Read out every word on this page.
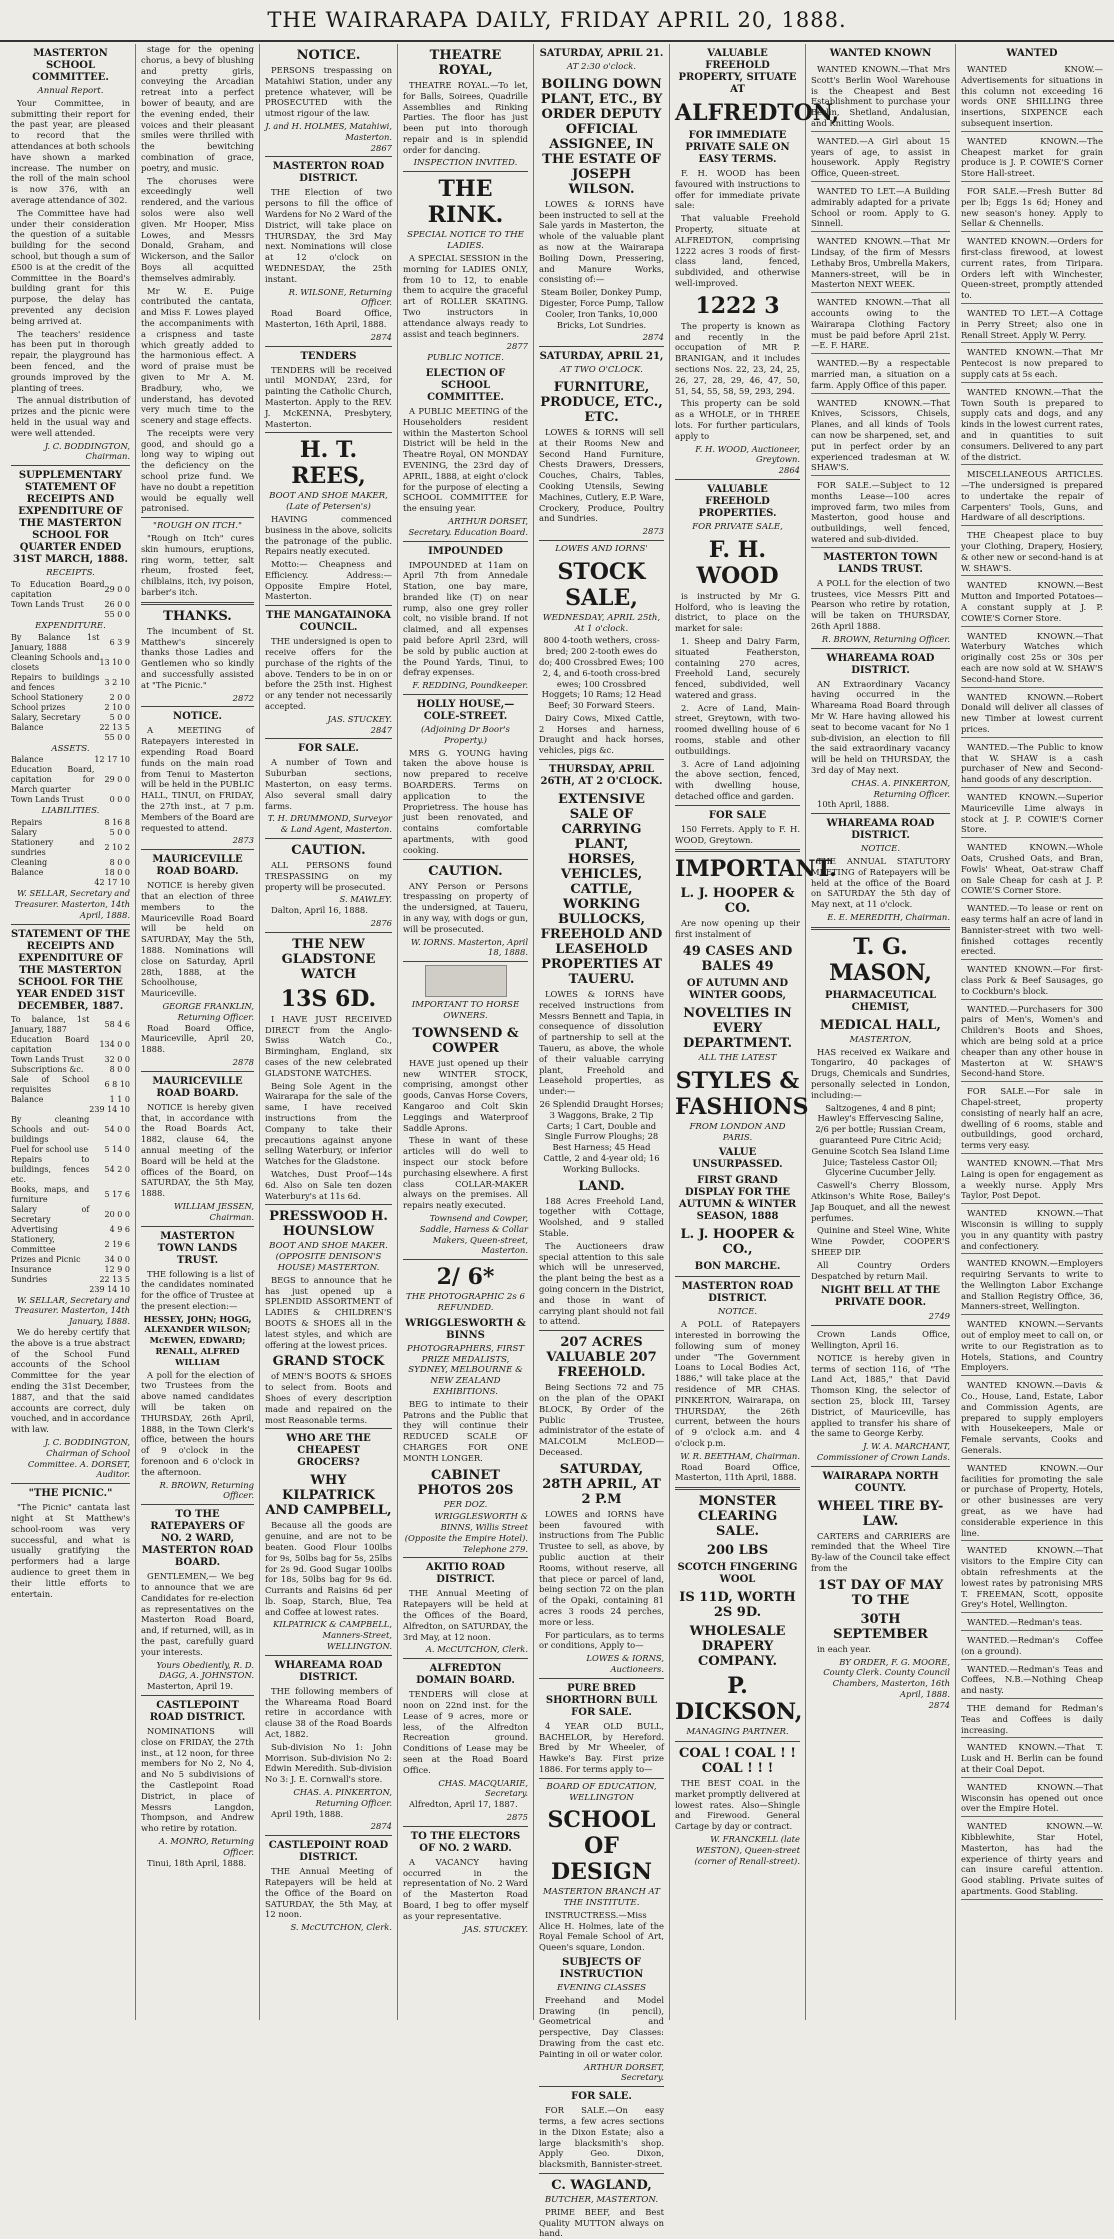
THE WAIRARAPA DAILY, FRIDAY APRIL 20, 1888.
MASTERTON SCHOOL COMMITTEE.
Annual Report.

Your Committee, in submitting their report for the past year, are pleased to record that the attendances at both schools have shown a marked increase. The number on the roll of the main school is now 376, with an average attendance of 302.

The Committee have had under their consideration the question of a suitable building for the second school, but though a sum of £500 is at the credit of the Committee in the Board's building grant for this purpose, the delay has prevented any decision being arrived at.

The teachers' residence has been put in thorough repair, the playground has been fenced, and the grounds improved by the planting of trees.

The annual distribution of prizes and the picnic were held in the usual way and were well attended.

J. C. BODDINGTON, Chairman.
SUPPLEMENTARY STATEMENT OF RECEIPTS AND EXPENDITURE OF THE MASTERTON SCHOOL FOR QUARTER ENDED 31ST MARCH, 1888.
RECEIPTS.
To Education Board capitation	29 0 0
Town Lands Trust	26 0 0
	55 0 0
EXPENDITURE.
By Balance 1st January, 1888	6 3 9
Cleaning Schools and closets	13 10 0
Repairs to buildings and fences	3 2 10
School Stationery	2 0 0
School prizes	2 10 0
Salary, Secretary	5 0 0
Balance	22 13 5
	55 0 0
ASSETS.
Balance	12 17 10
Education Board, capitation for March quarter	29 0 0
Town Lands Trust	0 0 0
LIABILITIES.
Repairs	8 16 8
Salary	5 0 0
Stationery and sundries	2 10 2
Cleaning	8 0 0
Balance	18 0 0
	42 17 10
W. SELLAR, Secretary and Treasurer. Masterton, 14th April, 1888.
STATEMENT OF THE RECEIPTS AND EXPENDITURE OF THE MASTERTON SCHOOL FOR THE YEAR ENDED 31ST DECEMBER, 1887.
To balance, 1st January, 1887	58 4 6
Education Board capitation	134 0 0
Town Lands Trust	32 0 0
Subscriptions &c.	8 0 0
Sale of School requisites	6 8 10
Balance	1 1 0
	239 14 10
By cleaning Schools and out-buildings	54 0 0
Fuel for school use	5 14 0
Repairs to buildings, fences etc.	54 2 0
Books, maps, and furniture	5 17 6
Salary of Secretary	20 0 0
Advertising	4 9 6
Stationery, Committee	2 19 6
Prizes and Picnic	34 0 0
Insurance	12 9 0
Sundries	22 13 5
	239 14 10
W. SELLAR, Secretary and Treasurer. Masterton, 14th January, 1888.

We do hereby certify that the above is a true abstract of the School Fund accounts of the School Committee for the year ending the 31st December, 1887, and that the said accounts are correct, duly vouched, and in accordance with law.

J. C. BODDINGTON, Chairman of School Committee. A. DORSET, Auditor.
"THE PICNIC."

"The Picnic" cantata last night at St Matthew's school-room was very successful, and what is usually gratifying the performers had a large audience to greet them in their little efforts to entertain.

stage for the opening chorus, a bevy of blushing and pretty girls, conveying the Arcadian retreat into a perfect bower of beauty, and are the evening ended, their voices and their pleasant smiles were thrilled with the bewitching combination of grace, poetry, and music.

The choruses were exceedingly well rendered, and the various solos were also well given. Mr Hooper, Miss Lowes, and Messrs Donald, Graham, and Wickerson, and the Sailor Boys all acquitted themselves admirably.

Mr W. E. Puige contributed the cantata, and Miss F. Lowes played the accompaniments with a crispness and taste which greatly added to the harmonious effect. A word of praise must be given to Mr A. M. Bradbury, who, we understand, has devoted very much time to the scenery and stage effects.

The receipts were very good, and should go a long way to wiping out the deficiency on the school prize fund. We have no doubt a repetition would be equally well patronised.

"ROUGH ON ITCH."

"Rough on Itch" cures skin humours, eruptions, ring worm, tetter, salt rheum, frosted feet, chilblains, itch, ivy poison, barber's itch.

THANKS.

The incumbent of St. Matthew's sincerely thanks those Ladies and Gentlemen who so kindly and successfully assisted at "The Picnic."

2872
NOTICE.

A MEETING of Ratepayers interested in expending Road Board funds on the main road from Tenui to Masterton will be held in the PUBLIC HALL, TINUI, on FRIDAY, the 27th inst., at 7 p.m. Members of the Board are requested to attend.

2873
MAURICEVILLE ROAD BOARD.

NOTICE is hereby given that an election of three members to the Mauriceville Road Board will be held on SATURDAY, May the 5th, 1888. Nominations will close on Saturday, April 28th, 1888, at the Schoolhouse, Mauriceville.

GEORGE FRANKLIN, Returning Officer.

Road Board Office, Mauriceville, April 20, 1888.

2878
MAURICEVILLE ROAD BOARD.

NOTICE is hereby given that, in accordance with the Road Boards Act, 1882, clause 64, the annual meeting of the Board will be held at the offices of the Board, on SATURDAY, the 5th May, 1888.

WILLIAM JESSEN, Chairman.
MASTERTON TOWN LANDS TRUST.

THE following is a list of the candidates nominated for the office of Trustee at the present election:—

HESSEY, JOHN; HOGG, ALEXANDER WILSON; McEWEN, EDWARD; RENALL, ALFRED WILLIAM

A poll for the election of two Trustees from the above named candidates will be taken on THURSDAY, 26th April, 1888, in the Town Clerk's office, between the hours of 9 o'clock in the forenoon and 6 o'clock in the afternoon.

R. BROWN, Returning Officer.
TO THE RATEPAYERS OF NO. 2 WARD, MASTERTON ROAD BOARD.

GENTLEMEN,— We beg to announce that we are Candidates for re-election as representatives on the Masterton Road Board, and, if returned, will, as in the past, carefully guard your interests.

Yours Obediently, R. D. DAGG, A. JOHNSTON.

Masterton, April 19.

CASTLEPOINT ROAD DISTRICT.

NOMINATIONS will close on FRIDAY, the 27th inst., at 12 noon, for three members for No 2, No 4, and No 5 subdivisions of the Castlepoint Road District, in place of Messrs Langdon, Thompson, and Andrew who retire by rotation.

A. MONRO, Returning Officer.

Tinui, 18th April, 1888.

NOTICE.

PERSONS trespassing on Matahiwi Station, under any pretence whatever, will be PROSECUTED with the utmost rigour of the law.

J. and H. HOLMES, Matahiwi, Masterton.
2867
MASTERTON ROAD DISTRICT.

THE Election of two persons to fill the office of Wardens for No 2 Ward of the District, will take place on THURSDAY, the 3rd May next. Nominations will close at 12 o'clock on WEDNESDAY, the 25th instant.

R. WILSONE, Returning Officer.

Road Board Office, Masterton, 16th April, 1888.

2874
TENDERS

TENDERS will be received until MONDAY, 23rd, for painting the Catholic Church, Masterton. Apply to the REV. J. McKENNA, Presbytery, Masterton.

H. T. REES,
BOOT AND SHOE MAKER, (Late of Petersen's)

HAVING commenced business in the above, solicits the patronage of the public. Repairs neatly executed.

Motto:— Cheapness and Efficiency. Address:— Opposite Empire Hotel, Masterton.

THE MANGATAINOKA COUNCIL.

THE undersigned is open to receive offers for the purchase of the rights of the above. Tenders to be in on or before the 25th inst. Highest or any tender not necessarily accepted.

JAS. STUCKEY.
2847
FOR SALE.

A number of Town and Suburban sections, Masterton, on easy terms. Also several small dairy farms.

T. H. DRUMMOND, Surveyor & Land Agent, Masterton.
CAUTION.

ALL PERSONS found TRESPASSING on my property will be prosecuted.

S. MAWLEY.

Dalton, April 16, 1888.

2876
THE NEW GLADSTONE WATCH
13S 6D.

I HAVE JUST RECEIVED DIRECT from the Anglo-Swiss Watch Co., Birmingham, England, six cases of the new celebrated GLADSTONE WATCHES.

Being Sole Agent in the Wairarapa for the sale of the same, I have received instructions from the Company to take their precautions against anyone selling Waterbury, or inferior Watches for the Gladstone.

Watches, Dust Proof—14s 6d. Also on Sale ten dozen Waterbury's at 11s 6d.

PRESSWOOD H. HOUNSLOW
BOOT AND SHOE MAKER. (OPPOSITE DENISON'S HOUSE) MASTERTON.

BEGS to announce that he has just opened up a SPLENDID ASSORTMENT of LADIES & CHILDREN'S BOOTS & SHOES all in the latest styles, and which are offering at the lowest prices.

GRAND STOCK

of MEN'S BOOTS & SHOES to select from. Boots and Shoes of every description made and repaired on the most Reasonable terms.

WHO ARE THE CHEAPEST GROCERS?
WHY KILPATRICK AND CAMPBELL,

Because all the goods are genuine, and are not to be beaten. Good Flour 100lbs for 9s, 50lbs bag for 5s, 25lbs for 2s 9d. Good Sugar 100lbs for 18s, 50lbs bag for 9s 6d. Currants and Raisins 6d per lb. Soap, Starch, Blue, Tea and Coffee at lowest rates.

KILPATRICK & CAMPBELL, Manners-Street, WELLINGTON.
WHAREAMA ROAD DISTRICT.

THE following members of the Whareama Road Board retire in accordance with clause 38 of the Road Boards Act, 1882.

Sub-division No 1: John Morrison. Sub-division No 2: Edwin Meredith. Sub-division No 3: J. E. Cornwall's store.

CHAS. A. PINKERTON, Returning Officer.

April 19th, 1888.

2874
CASTLEPOINT ROAD DISTRICT.

THE Annual Meeting of Ratepayers will be held at the Office of the Board on SATURDAY, the 5th May, at 12 noon.

S. McCUTCHON, Clerk.
THEATRE ROYAL,

THEATRE ROYAL.—To let, for Balls, Soirees, Quadrille Assemblies and Rinking Parties. The floor has just been put into thorough repair and is in splendid order for dancing.

INSPECTION INVITED.
THE RINK.
SPECIAL NOTICE TO THE LADIES.

A SPECIAL SESSION in the morning for LADIES ONLY, from 10 to 12, to enable them to acquire the graceful art of ROLLER SKATING. Two instructors in attendance always ready to assist and teach beginners.

2877
PUBLIC NOTICE.
ELECTION OF SCHOOL COMMITTEE.

A PUBLIC MEETING of the Householders resident within the Masterton School District will be held in the Theatre Royal, ON MONDAY EVENING, the 23rd day of APRIL, 1888, at eight o'clock for the purpose of electing a SCHOOL COMMITTEE for the ensuing year.

ARTHUR DORSET, Secretary. Education Board.
IMPOUNDED

IMPOUNDED at 11am on April 7th from Annedale Station, one bay mare, branded like (T) on near rump, also one grey roller colt, no visible brand. If not claimed, and all expenses paid before April 23rd, will be sold by public auction at the Pound Yards, Tinui, to defray expenses.

F. REDDING, Poundkeeper.
HOLLY HOUSE,—COLE-STREET.
(Adjoining Dr Boor's Property.)

MRS G. YOUNG having taken the above house is now prepared to receive BOARDERS. Terms on application to the Proprietress. The house has just been renovated, and contains comfortable apartments, with good cooking.

CAUTION.

ANY Person or Persons trespassing on property of the undersigned, at Taueru, in any way, with dogs or gun, will be prosecuted.

W. IORNS. Masterton, April 18, 1888.
IMPORTANT TO HORSE OWNERS.
TOWNSEND & COWPER

HAVE just opened up their new WINTER STOCK, comprising, amongst other goods, Canvas Horse Covers, Kangaroo and Colt Skin Leggings and Waterproof Saddle Aprons.

These in want of these articles will do well to inspect our stock before purchasing elsewhere. A first class COLLAR-MAKER always on the premises. All repairs neatly executed.

Townsend and Cowper, Saddle, Harness & Collar Makers, Queen-street, Masterton.
2/ 6*
THE PHOTOGRAPHIC 2s 6 REFUNDED.
WRIGGLESWORTH & BINNS
PHOTOGRAPHERS, FIRST PRIZE MEDALISTS, SYDNEY, MELBOURNE & NEW ZEALAND EXHIBITIONS.

BEG to intimate to their Patrons and the Public that they will continue their REDUCED SCALE OF CHARGES FOR ONE MONTH LONGER.

CABINET PHOTOS 20S
PER DOZ.
WRIGGLESWORTH & BINNS, Willis Street (Opposite the Empire Hotel). Telephone 279.
AKITIO ROAD DISTRICT.

THE Annual Meeting of Ratepayers will be held at the Offices of the Board, Alfredton, on SATURDAY, the 3rd May, at 12 noon.

A. McCUTCHON, Clerk.
ALFREDTON DOMAIN BOARD.

TENDERS will close at noon on 22nd inst. for the Lease of 9 acres, more or less, of the Alfredton Recreation ground. Conditions of Lease may be seen at the Road Board Office.

CHAS. MACQUARIE, Secretary.

Alfredton, April 17, 1887.

2875
TO THE ELECTORS OF NO. 2 WARD.

A VACANCY having occurred in the representation of No. 2 Ward of the Masterton Road Board, I beg to offer myself as your representative.

JAS. STUCKEY.
SATURDAY, APRIL 21.
AT 2:30 o'clock.
BOILING DOWN PLANT, ETC., BY ORDER DEPUTY OFFICIAL ASSIGNEE, IN THE ESTATE OF JOSEPH WILSON.

LOWES & IORNS have been instructed to sell at the Sale yards in Masterton, the whole of the valuable plant as now at the Wairarapa Boiling Down, Pressering, and Manure Works, consisting of:—

Steam Boiler, Donkey Pump, Digester, Force Pump, Tallow Cooler, Iron Tanks, 10,000 Bricks, Lot Sundries.

2874
SATURDAY, APRIL 21,
AT TWO O'CLOCK.
FURNITURE, PRODUCE, ETC., ETC.

LOWES & IORNS will sell at their Rooms New and Second Hand Furniture, Chests Drawers, Dressers, Couches, Chairs, Tables, Cooking Utensils, Sewing Machines, Cutlery, E.P. Ware, Crockery, Produce, Poultry and Sundries.

2873
LOWES AND IORNS'
STOCK SALE,
WEDNESDAY, APRIL 25th, At 1 o'clock.

800 4-tooth wethers, cross-bred; 200 2-tooth ewes do do; 400 Crossbred Ewes; 100 2, 4, and 6-tooth cross-bred ewes; 100 Crossbred Hoggets; 10 Rams; 12 Head Beef; 30 Forward Steers.

Dairy Cows, Mixed Cattle, 2 Horses and harness, Draught and hack horses, vehicles, pigs &c.

THURSDAY, APRIL 26TH, AT 2 O'CLOCK.
EXTENSIVE SALE OF CARRYING PLANT, HORSES, VEHICLES, CATTLE, WORKING BULLOCKS, FREEHOLD AND LEASEHOLD PROPERTIES AT TAUERU.

LOWES & IORNS have received instructions from Messrs Bennett and Tapia, in consequence of dissolution of partnership to sell at the Taueru, as above, the whole of their valuable carrying plant, Freehold and Leasehold properties, as under:—

26 Splendid Draught Horses; 3 Waggons, Brake, 2 Tip Carts; 1 Cart, Double and Single Furrow Ploughs; 28 Best Harness; 45 Head Cattle, 2 and 4-year old; 16 Working Bullocks.

LAND.

188 Acres Freehold Land, together with Cottage, Woolshed, and 9 stalled Stable.

The Auctioneers draw special attention to this sale which will be unreserved, the plant being the best as a going concern in the District, and those in want of carrying plant should not fail to attend.

207 ACRES VALUABLE 207 FREEHOLD.

Being Sections 72 and 75 on the plan of the OPAKI BLOCK, By Order of the Public Trustee, administrator of the estate of MALCOLM McLEOD—Deceased.

SATURDAY, 28TH APRIL, AT 2 P.M

LOWES and IORNS have been favoured with instructions from The Public Trustee to sell, as above, by public auction at their Rooms, without reserve, all that piece or parcel of land, being section 72 on the plan of the Opaki, containing 81 acres 3 roods 24 perches, more or less.

For particulars, as to terms or conditions, Apply to—

LOWES & IORNS, Auctioneers.
PURE BRED SHORTHORN BULL FOR SALE.

4 YEAR OLD BULL, BACHELOR, by Hereford. Bred by Mr Wheeler, of Hawke's Bay. First prize 1886. For terms apply to—

BOARD OF EDUCATION, WELLINGTON
SCHOOL OF DESIGN
MASTERTON BRANCH AT THE INSTITUTE.

INSTRUCTRESS.—Miss Alice H. Holmes, late of the Royal Female School of Art, Queen's square, London.

SUBJECTS OF INSTRUCTION
EVENING CLASSES

Freehand and Model Drawing (in pencil), Geometrical and perspective, Day Classes: Drawing from the cast etc. Painting in oil or water color.

ARTHUR DORSET, Secretary.
FOR SALE.

FOR SALE.—On easy terms, a few acres sections in the Dixon Estate; also a large blacksmith's shop. Apply Geo. Dixon, blacksmith, Bannister-street.

C. WAGLAND,
BUTCHER, MASTERTON.

PRIME BEEF, and Best Quality MUTTON always on hand.

VALUABLE FREEHOLD PROPERTY, SITUATE AT
ALFREDTON,
FOR IMMEDIATE PRIVATE SALE ON EASY TERMS.

F. H. WOOD has been favoured with instructions to offer for immediate private sale:

That valuable Freehold Property, situate at ALFREDTON, comprising 1222 acres 3 roods of first-class land, fenced, subdivided, and otherwise well-improved.

1222 3

The property is known as and recently in the occupation of MR P. BRANIGAN, and it includes sections Nos. 22, 23, 24, 25, 26, 27, 28, 29, 46, 47, 50, 51, 54, 55, 58, 59, 293, 294.

This property can be sold as a WHOLE, or in THREE lots. For further particulars, apply to

F. H. WOOD, Auctioneer, Greytown.
2864
VALUABLE FREEHOLD PROPERTIES.
FOR PRIVATE SALE,
F. H. WOOD

is instructed by Mr G. Holford, who is leaving the district, to place on the market for sale:

1. Sheep and Dairy Farm, situated Featherston, containing 270 acres, Freehold Land, securely fenced, subdivided, well watered and grass.

2. Acre of Land, Main-street, Greytown, with two-roomed dwelling house of 6 rooms, stable and other outbuildings.

3. Acre of Land adjoining the above section, fenced, with dwelling house, detached office and garden.

FOR SALE

150 Ferrets. Apply to F. H. WOOD, Greytown.

IMPORTANT.
L. J. HOOPER & CO.

Are now opening up their first instalment of

49 CASES AND BALES 49
OF AUTUMN AND WINTER GOODS,
NOVELTIES IN EVERY DEPARTMENT.
ALL THE LATEST
STYLES & FASHIONS
FROM LONDON AND PARIS.
VALUE UNSURPASSED.
FIRST GRAND DISPLAY FOR THE AUTUMN & WINTER SEASON, 1888
L. J. HOOPER & CO.,
BON MARCHE.
MASTERTON ROAD DISTRICT.
NOTICE.

A POLL of Ratepayers interested in borrowing the following sum of money under "The Government Loans to Local Bodies Act, 1886," will take place at the residence of MR CHAS. PINKERTON, Wairarapa, on THURSDAY, the 26th current, between the hours of 9 o'clock a.m. and 4 o'clock p.m.

W. R. BEETHAM, Chairman.

Road Board Office, Masterton, 11th April, 1888.

MONSTER CLEARING SALE.
200 LBS
SCOTCH FINGERING WOOL
IS 11D, WORTH 2S 9D.
WHOLESALE DRAPERY COMPANY.
P. DICKSON,
MANAGING PARTNER.
COAL ! COAL ! ! COAL ! ! !

THE BEST COAL in the market promptly delivered at lowest rates. Also—Shingle and Firewood. General Cartage by day or contract.

W. FRANCKELL (late WESTON), Queen-street (corner of Renall-street).
WANTED KNOWN

WANTED KNOWN.—That Mrs Scott's Berlin Wool Warehouse is the Cheapest and Best Establishment to purchase your Berlin, Shetland, Andalusian, and Knitting Wools.

WANTED.—A Girl about 15 years of age, to assist in housework. Apply Registry Office, Queen-street.

WANTED TO LET.—A Building admirably adapted for a private School or room. Apply to G. Sinnell.

WANTED KNOWN.—That Mr Lindsay, of the firm of Messrs Lethaby Bros, Umbrella Makers, Manners-street, will be in Masterton NEXT WEEK.

WANTED KNOWN.—That all accounts owing to the Wairarapa Clothing Factory must be paid before April 21st.—E. F. HARE.

WANTED.—By a respectable married man, a situation on a farm. Apply Office of this paper.

WANTED KNOWN.—That Knives, Scissors, Chisels, Planes, and all kinds of Tools can now be sharpened, set, and put in perfect order by an experienced tradesman at W. SHAW'S.

FOR SALE.—Subject to 12 months Lease—100 acres improved farm, two miles from Masterton, good house and outbuildings, well fenced, watered and sub-divided.

MASTERTON TOWN LANDS TRUST.

A POLL for the election of two trustees, vice Messrs Pitt and Pearson who retire by rotation, will be taken on THURSDAY, 26th April 1888.

R. BROWN, Returning Officer.
WHAREAMA ROAD DISTRICT.

AN Extraordinary Vacancy having occurred in the Whareama Road Board through Mr W. Hare having allowed his seat to become vacant for No 1 sub-division, an election to fill the said extraordinary vacancy will be held on THURSDAY, the 3rd day of May next.

CHAS. A. PINKERTON, Returning Officer.

10th April, 1888.

WHAREAMA ROAD DISTRICT.
NOTICE.

THE ANNUAL STATUTORY MEETING of Ratepayers will be held at the office of the Board on SATURDAY the 5th day of May next, at 11 o'clock.

E. E. MEREDITH, Chairman.
T. G. MASON,
PHARMACEUTICAL CHEMIST,
MEDICAL HALL,
MASTERTON,

HAS received ex Waikare and Tongariro, 40 packages of Drugs, Chemicals and Sundries, personally selected in London, including:—

Saltzogenes, 4 and 8 pint; Hawley's Effervescing Saline, 2/6 per bottle; Russian Cream, guaranteed Pure Citric Acid; Genuine Scotch Sea Island Lime Juice; Tasteless Castor Oil; Glycerine Cucumber Jelly.

Caswell's Cherry Blossom, Atkinson's White Rose, Bailey's Jap Bouquet, and all the newest perfumes.

Quinine and Steel Wine, White Wine Powder, COOPER'S SHEEP DIP.

All Country Orders Despatched by return Mail.

NIGHT BELL AT THE PRIVATE DOOR.
2749

Crown Lands Office, Wellington, April 16.

NOTICE is hereby given in terms of section 116, of "The Land Act, 1885," that David Thomson King, the selector of section 25, block III, Tarsey District, of Mauriceville, has applied to transfer his share of the same to George Kerby.

J. W. A. MARCHANT, Commissioner of Crown Lands.
WAIRARAPA NORTH COUNTY.
WHEEL TIRE BY-LAW.

CARTERS and CARRIERS are reminded that the Wheel Tire By-law of the Council take effect from the

1ST DAY OF MAY TO THE
30TH SEPTEMBER

in each year.

BY ORDER, F. G. MOORE, County Clerk. County Council Chambers, Masterton, 16th April, 1888.
2874
WANTED

WANTED KNOW.—Advertisements for situations in this column not exceeding 16 words ONE SHILLING three insertions, SIXPENCE each subsequent insertion.

WANTED KNOWN.—The Cheapest market for grain produce is J. P. COWIE'S Corner Store Hall-street.

FOR SALE.—Fresh Butter 8d per lb; Eggs 1s 6d; Honey and new season's honey. Apply to Sellar & Chennells.

WANTED KNOWN.—Orders for first-class firewood, at lowest current rates, from Tiripara. Orders left with Winchester, Queen-street, promptly attended to.

WANTED TO LET.—A Cottage in Perry Street; also one in Renall Street. Apply W. Perry.

WANTED KNOWN.—That Mr Pentecost is now prepared to supply cats at 5s each.

WANTED KNOWN.—That the Town South is prepared to supply cats and dogs, and any kinds in the lowest current rates, and in quantities to suit consumers. Delivered to any part of the district.

MISCELLANEOUS ARTICLES.—The undersigned is prepared to undertake the repair of Carpenters' Tools, Guns, and Hardware of all descriptions.

THE Cheapest place to buy your Clothing, Drapery, Hosiery, & other new or second-hand is at W. SHAW'S.

WANTED KNOWN.—Best Mutton and Imported Potatoes—A constant supply at J. P. COWIE'S Corner Store.

WANTED KNOWN.—That Waterbury Watches which originally cost 25s or 30s per each are now sold at W. SHAW'S Second-hand Store.

WANTED KNOWN.—Robert Donald will deliver all classes of new Timber at lowest current prices.

WANTED.—The Public to know that W. SHAW is a cash purchaser of New and Second-hand goods of any description.

WANTED KNOWN.—Superior Mauriceville Lime always in stock at J. P. COWIE'S Corner Store.

WANTED KNOWN.—Whole Oats, Crushed Oats, and Bran, Fowls' Wheat, Oat-straw Chaff on Sale Cheap for cash at J. P. COWIE'S Corner Store.

WANTED.—To lease or rent on easy terms half an acre of land in Bannister-street with two well-finished cottages recently erected.

WANTED KNOWN.—For first-class Pork & Beef Sausages, go to Cockburn's block.

WANTED.—Purchasers for 300 pairs of Men's, Women's and Children's Boots and Shoes, which are being sold at a price cheaper than any other house in Masterton at W. SHAW'S Second-hand Store.

FOR SALE.—For sale in Chapel-street, property consisting of nearly half an acre, dwelling of 6 rooms, stable and outbuildings, good orchard, terms very easy.

WANTED KNOWN.—That Mrs Laing is open for engagement as a weekly nurse. Apply Mrs Taylor, Post Depot.

WANTED KNOWN.—That Wisconsin is willing to supply you in any quantity with pastry and confectionery.

WANTED KNOWN.—Employers requiring Servants to write to the Wellington Labor Exchange and Stallion Registry Office, 36, Manners-street, Wellington.

WANTED KNOWN.—Servants out of employ meet to call on, or write to our Registration as to Hotels, Stations, and Country Employers.

WANTED KNOWN.—Davis & Co., House, Land, Estate, Labor and Commission Agents, are prepared to supply employers with Housekeepers, Male or Female servants, Cooks and Generals.

WANTED KNOWN.—Our facilities for promoting the sale or purchase of Property, Hotels, or other businesses are very great, as we have had considerable experience in this line.

WANTED KNOWN.—That visitors to the Empire City can obtain refreshments at the lowest rates by patronising MRS T. FREEMAN, Scott, opposite Grey's Hotel, Wellington.

WANTED.—Redman's teas.

WANTED.—Redman's Coffee (on a ground).

WANTED.—Redman's Teas and Coffees, N.B.—Nothing Cheap and nasty.

THE demand for Redman's Teas and Coffees is daily increasing.

WANTED KNOWN.—That T. Lusk and H. Berlin can be found at their Coal Depot.

WANTED KNOWN.—That Wisconsin has opened out once over the Empire Hotel.

WANTED KNOWN.—W. Kibblewhite, Star Hotel, Masterton, has had the experience of thirty years and can insure careful attention. Good stabling. Private suites of apartments. Good Stabling.
